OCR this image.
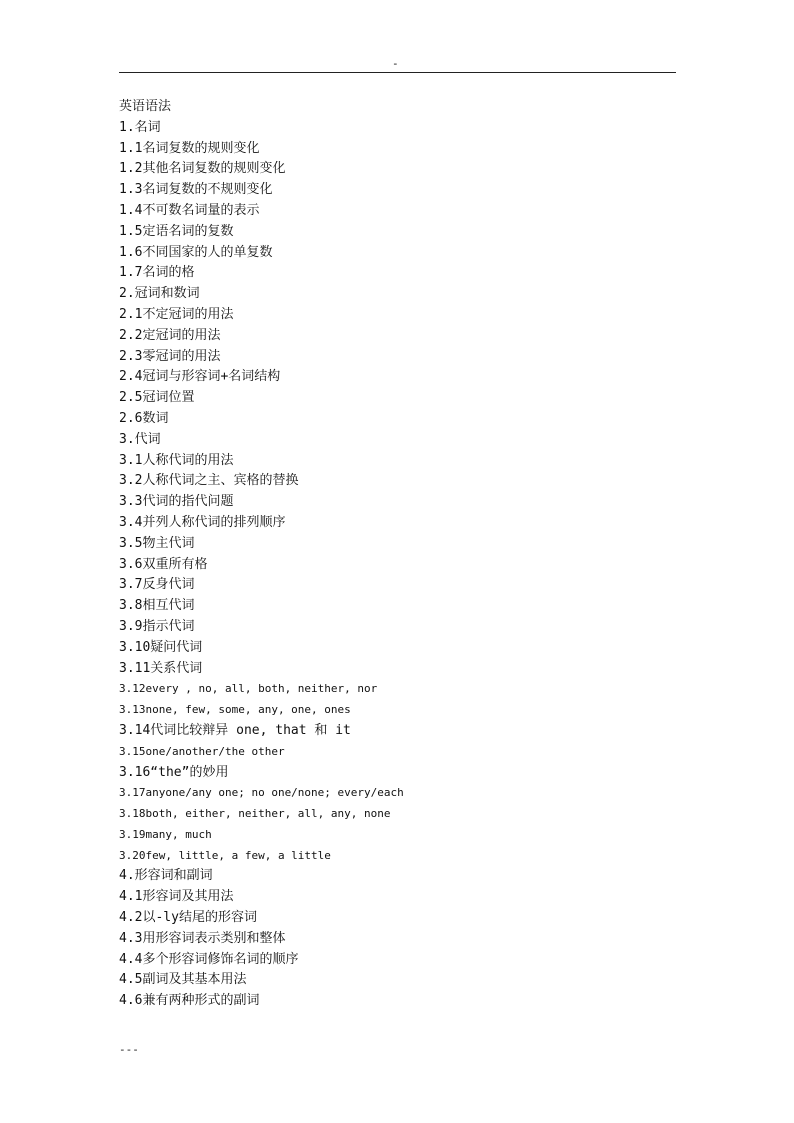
-
英语语法
1.名词
1.1名词复数的规则变化
1.2其他名词复数的规则变化
1.3名词复数的不规则变化
1.4不可数名词量的表示
1.5定语名词的复数
1.6不同国家的人的单复数
1.7名词的格
2.冠词和数词
2.1不定冠词的用法
2.2定冠词的用法
2.3零冠词的用法
2.4冠词与形容词+名词结构
2.5冠词位置
2.6数词
3.代词
3.1人称代词的用法
3.2人称代词之主、宾格的替换
3.3代词的指代问题
3.4并列人称代词的排列顺序
3.5物主代词
3.6双重所有格
3.7反身代词
3.8相互代词
3.9指示代词
3.10疑问代词
3.11关系代词
3.12every , no, all, both, neither, nor
3.13none, few, some, any, one, ones
3.14代词比较辩异 one, that 和 it
3.15one/another/the other
3.16“the”的妙用
3.17anyone/any one; no one/none; every/each
3.18both, either, neither, all, any, none
3.19many, much
3.20few, little, a few, a little
4.形容词和副词
4.1形容词及其用法
4.2以-ly结尾的形容词
4.3用形容词表示类别和整体
4.4多个形容词修饰名词的顺序
4.5副词及其基本用法
4.6兼有两种形式的副词
---
